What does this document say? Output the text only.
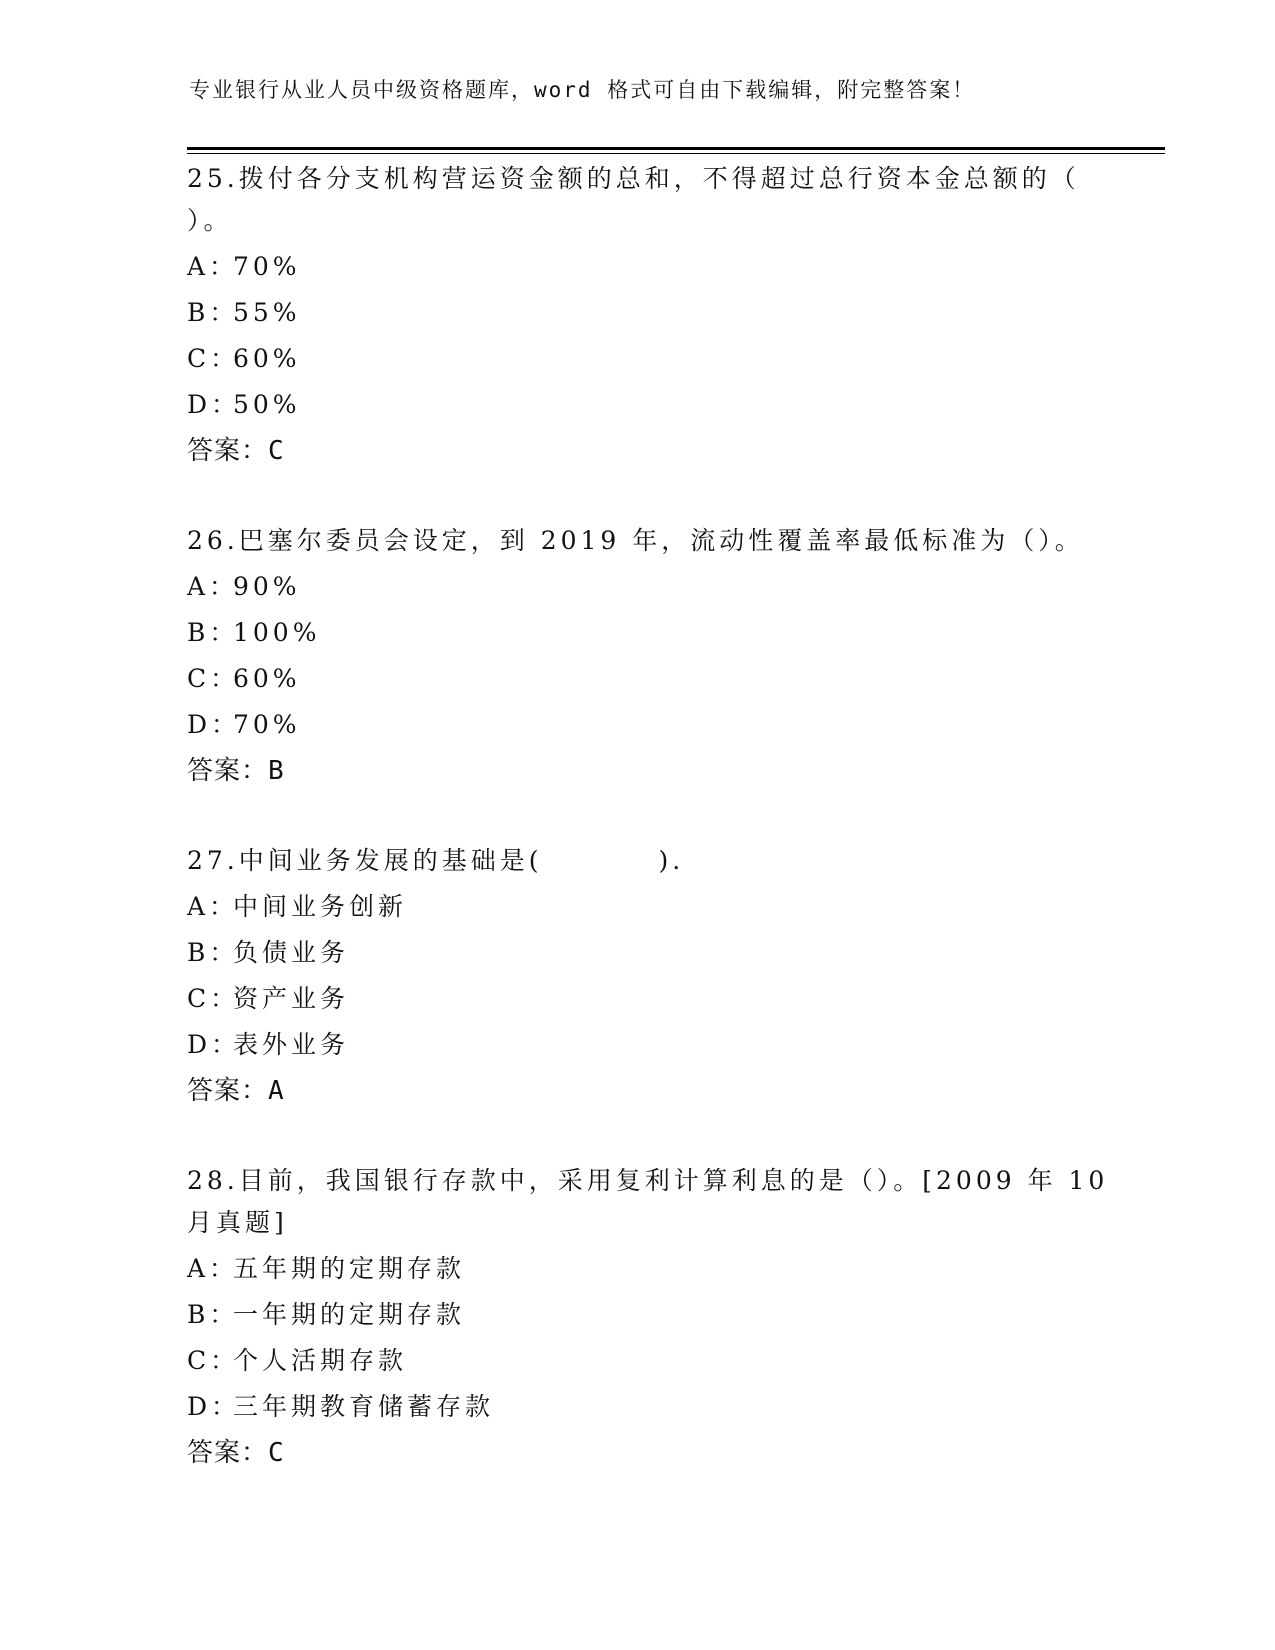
专业银行从业人员中级资格题库，word 格式可自由下载编辑，附完整答案！
25.拨付各分支机构营运资金额的总和，不得超过总行资本金总额的（
）。
A：70%
B：55%
C：60%
D：50%
答案：C
26.巴塞尔委员会设定，到 2019 年，流动性覆盖率最低标准为（）。
A：90%
B：100%
C：60%
D：70%
答案：B
27.中间业务发展的基础是(　　　　).
A：中间业务创新
B：负债业务
C：资产业务
D：表外业务
答案：A
28.目前，我国银行存款中，采用复利计算利息的是（）。[2009 年 10
月真题]
A：五年期的定期存款
B：一年期的定期存款
C：个人活期存款
D：三年期教育储蓄存款
答案：C
